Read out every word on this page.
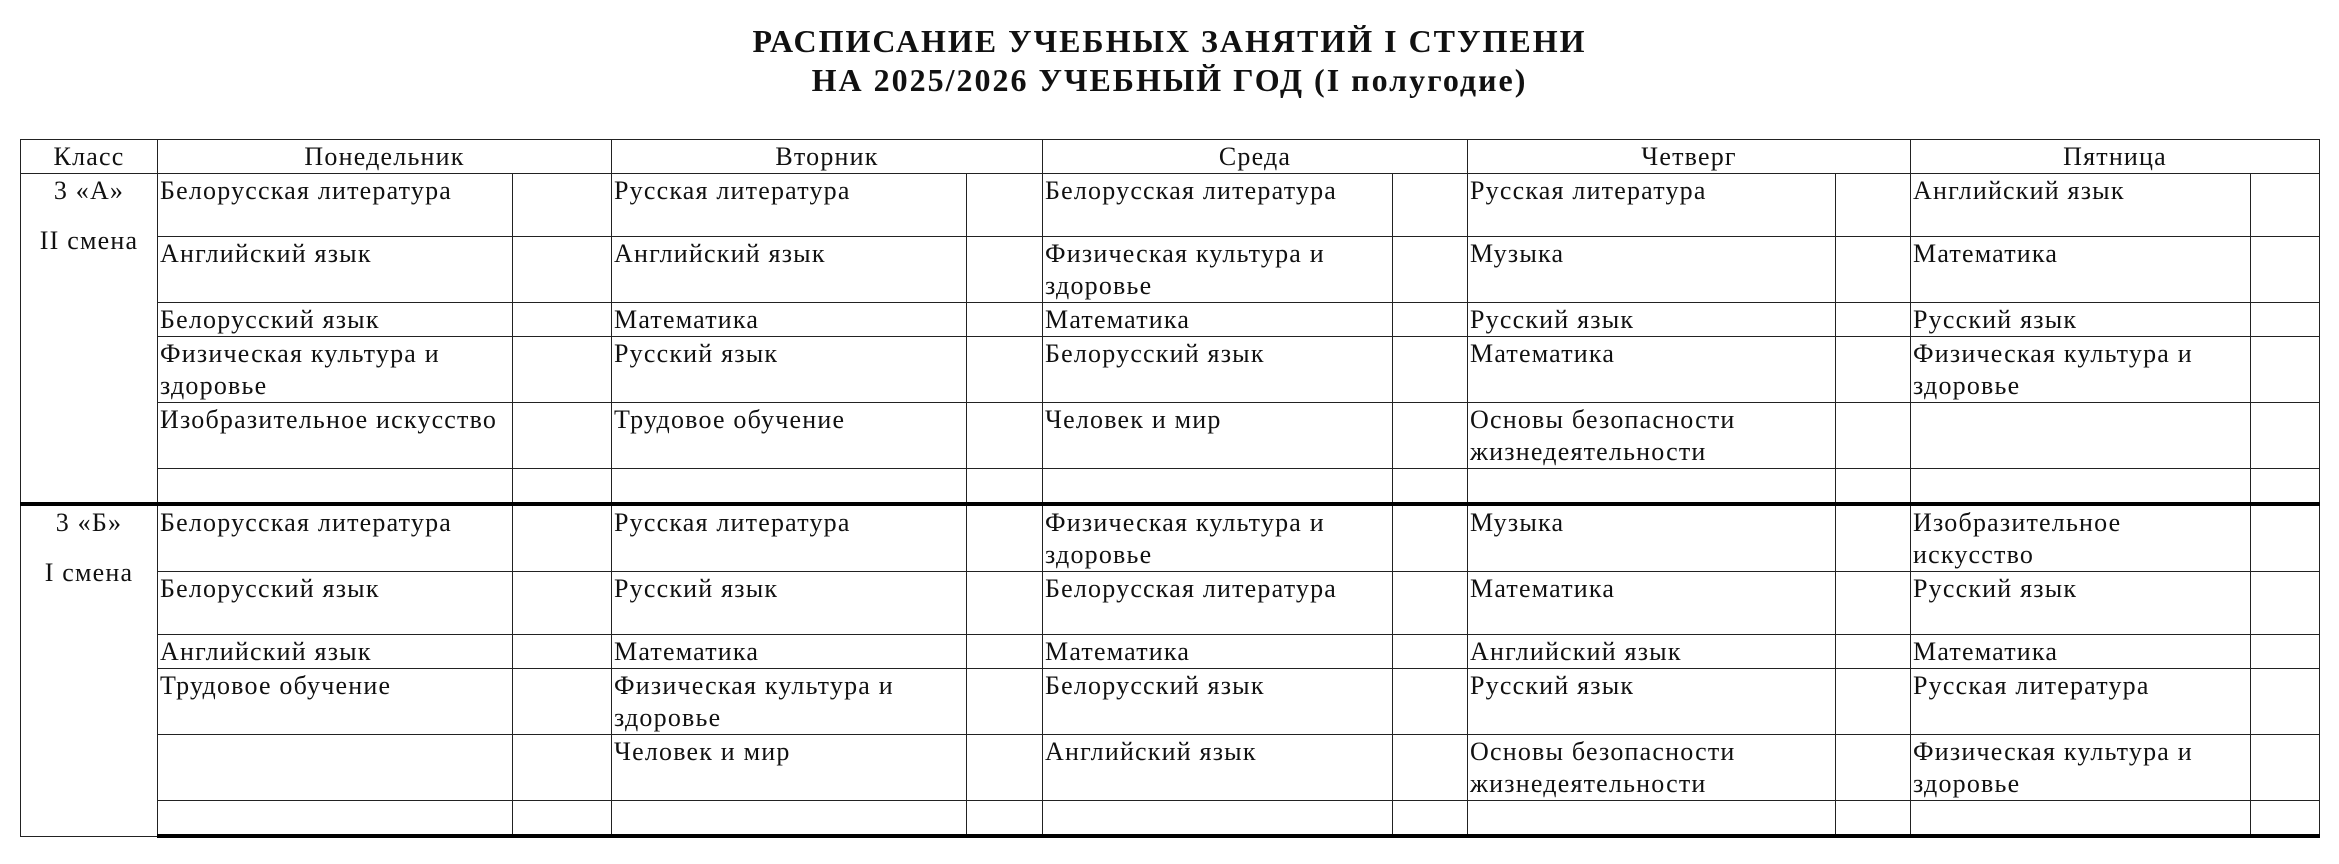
РАСПИСАНИЕ УЧЕБНЫХ ЗАНЯТИЙ I СТУПЕНИ
НА 2025/2026 УЧЕБНЫЙ ГОД (I полугодие)
Класс	Понедельник		Вторник		Среда		Четверг		Пятница	

3 «А»
II смена	Белорусская литература		Русская литература		Белорусская литература		Русская литература		Английский язык	
	Английский язык		Английский язык		Физическая культура и здоровье		Музыка		Математика	
	Белорусский язык		Математика		Математика		Русский язык		Русский язык	
	Физическая культура и здоровье		Русский язык		Белорусский язык		Математика		Физическая культура и здоровье	
	Изобразительное искусство		Трудовое обучение		Человек и мир		Основы безопасности жизнедеятельности			

3 «Б»
I смена	Белорусская литература		Русская литература		Физическая культура и здоровье		Музыка		Изобразительное искусство	
	Белорусский язык		Русский язык		Белорусская литература		Математика		Русский язык	
	Английский язык		Математика		Математика		Английский язык		Математика	
	Трудовое обучение		Физическая культура и здоровье		Белорусский язык		Русский язык		Русская литература	
			Человек и мир		Английский язык		Основы безопасности жизнедеятельности		Физическая культура и здоровье	
